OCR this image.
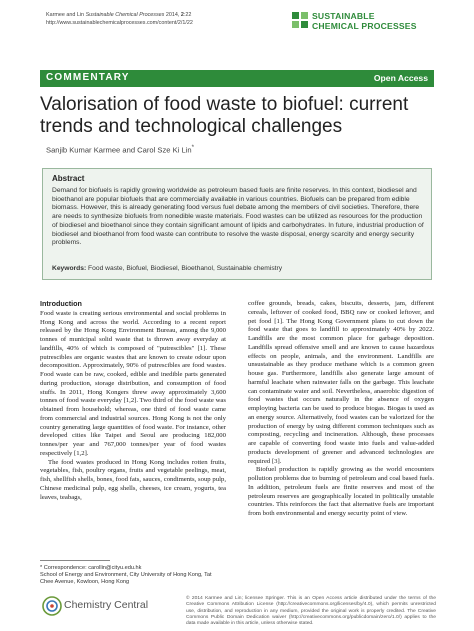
Karmee and Lin Sustainable Chemical Processes 2014, 2:22
http://www.sustainablechemicalprocesses.com/content/2/1/22
SUSTAINABLE
CHEMICAL PROCESSES
COMMENTARY	Open Access
Valorisation of food waste to biofuel: current trends and technological challenges
Sanjib Kumar Karmee and Carol Sze Ki Lin*
Abstract
Demand for biofuels is rapidly growing worldwide as petroleum based fuels are finite reserves. In this context, biodiesel and bioethanol are popular biofuels that are commercially available in various countries. Biofuels can be prepared from edible biomass. However, this is already generating food versus fuel debate among the members of civil societies. Therefore, there are needs to synthesize biofuels from nonedible waste materials. Food wastes can be utilized as resources for the production of biodiesel and bioethanol since they contain significant amount of lipids and carbohydrates. In future, industrial production of biodiesel and bioethanol from food waste can contribute to resolve the waste disposal, energy scarcity and energy security problems.
Keywords: Food waste, Biofuel, Biodiesel, Bioethanol, Sustainable chemistry
Introduction

Food waste is creating serious environmental and social problems in Hong Kong and across the world. According to a recent report released by the Hong Kong Environment Bureau, among the 9,000 tonnes of municipal solid waste that is thrown away everyday at landfills, 40% of which is composed of "putrescibles" [1]. These putrescibles are organic wastes that are known to create odour upon decomposition. Approximately, 90% of putrescibles are food wastes. Food waste can be raw, cooked, edible and inedible parts generated during production, storage distribution, and consumption of food stuffs. In 2011, Hong Kongers threw away approximately 3,600 tonnes of food waste everyday [1,2]. Two third of the food waste was obtained from household; whereas, one third of food waste came from commercial and industrial sources. Hong Kong is not the only country generating large quantities of food waste. For instance, other developed cities like Taipei and Seoul are producing 182,000 tonnes/per year and 767,000 tonnes/per year of food wastes respectively [1,2].

The food wastes produced in Hong Kong includes rotten fruits, vegetables, fish, poultry organs, fruits and vegetable peelings, meat, fish, shellfish shells, bones, food fats, sauces, condiments, soup pulp, Chinese medicinal pulp, egg shells, cheeses, ice cream, yogurts, tea leaves, teabags,

coffee grounds, breads, cakes, biscuits, desserts, jam, different cereals, leftover of cooked food, BBQ raw or cooked leftover, and pet food [1]. The Hong Kong Government plans to cut down the food waste that goes to landfill to approximately 40% by 2022. Landfills are the most common place for garbage deposition. Landfills spread offensive smell and are known to cause hazardous effects on people, animals, and the environment. Landfills are unsustainable as they produce methane which is a common green house gas. Furthermore, landfills also generate large amount of harmful leachate when rainwater falls on the garbage. This leachate can contaminate water and soil. Nevertheless, anaerobic digestion of food wastes that occurs naturally in the absence of oxygen employing bacteria can be used to produce biogas. Biogas is used as an energy source. Alternatively, food wastes can be valorized for the production of energy by using different common techniques such as composting, recycling and incineration. Although, these processes are capable of converting food waste into fuels and value-added products development of greener and advanced technologies are required [3].

Biofuel production is rapidly growing as the world encounters pollution problems due to burning of petroleum and coal based fuels. In addition, petroleum fuels are finite reserves and most of the petroleum reserves are geographically located in politically unstable countries. This reinforces the fact that alternative fuels are important from both environmental and energy security point of view.

* Correspondence: carollin@cityu.edu.hk
School of Energy and Environment, City University of Hong Kong, Tat Chee Avenue, Kowloon, Hong Kong
Chemistry Central
© 2014 Karmee and Lin; licensee Springer. This is an Open Access article distributed under the terms of the Creative Commons Attribution License (http://creativecommons.org/licenses/by/4.0), which permits unrestricted use, distribution, and reproduction in any medium, provided the original work is properly credited. The Creative Commons Public Domain Dedication waiver (http://creativecommons.org/publicdomain/zero/1.0/) applies to the data made available in this article, unless otherwise stated.
